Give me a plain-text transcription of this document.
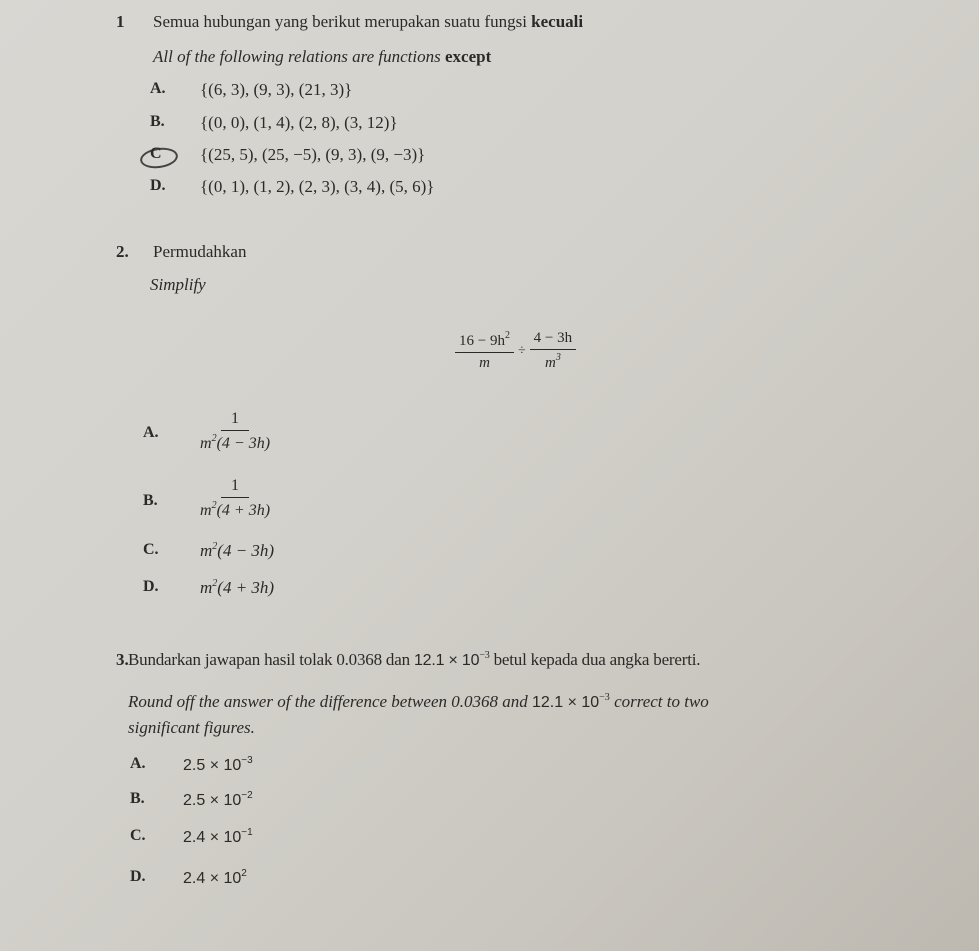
1 Semua hubungan yang berikut merupakan suatu fungsi kecuali
All of the following relations are functions except
A. {(6, 3), (9, 3), (21, 3)}
B. {(0, 0), (1, 4), (2, 8), (3, 12)}
C {(25, 5), (25, −5), (9, 3), (9, −3)}
D. {(0, 1), (1, 2), (2, 3), (3, 4), (5, 6)}
2. Permudahkan
Simplify
$\frac{16 - 9h^2}{m} \div \frac{4 - 3h}{m^3}$
A.	$\frac{1}{m^2(4 - 3h)}$
B.	$\frac{1}{m^2(4 + 3h)}$
C. $m^2(4 - 3h)$
D. $m^2(4 + 3h)$
3. Bundarkan jawapan hasil tolak 0.0368 dan $12.1 \times 10^{-3}$ betul kepada dua angka bererti.
Round off the answer of the difference between 0.0368 and $12.1 \times 10^{-3}$ correct to two
significant figures.
A. $2.5 \times 10^{-3}$
B. $2.5 \times 10^{-2}$
C. $2.4 \times 10^{-1}$
D. $2.4 \times 10^2$
